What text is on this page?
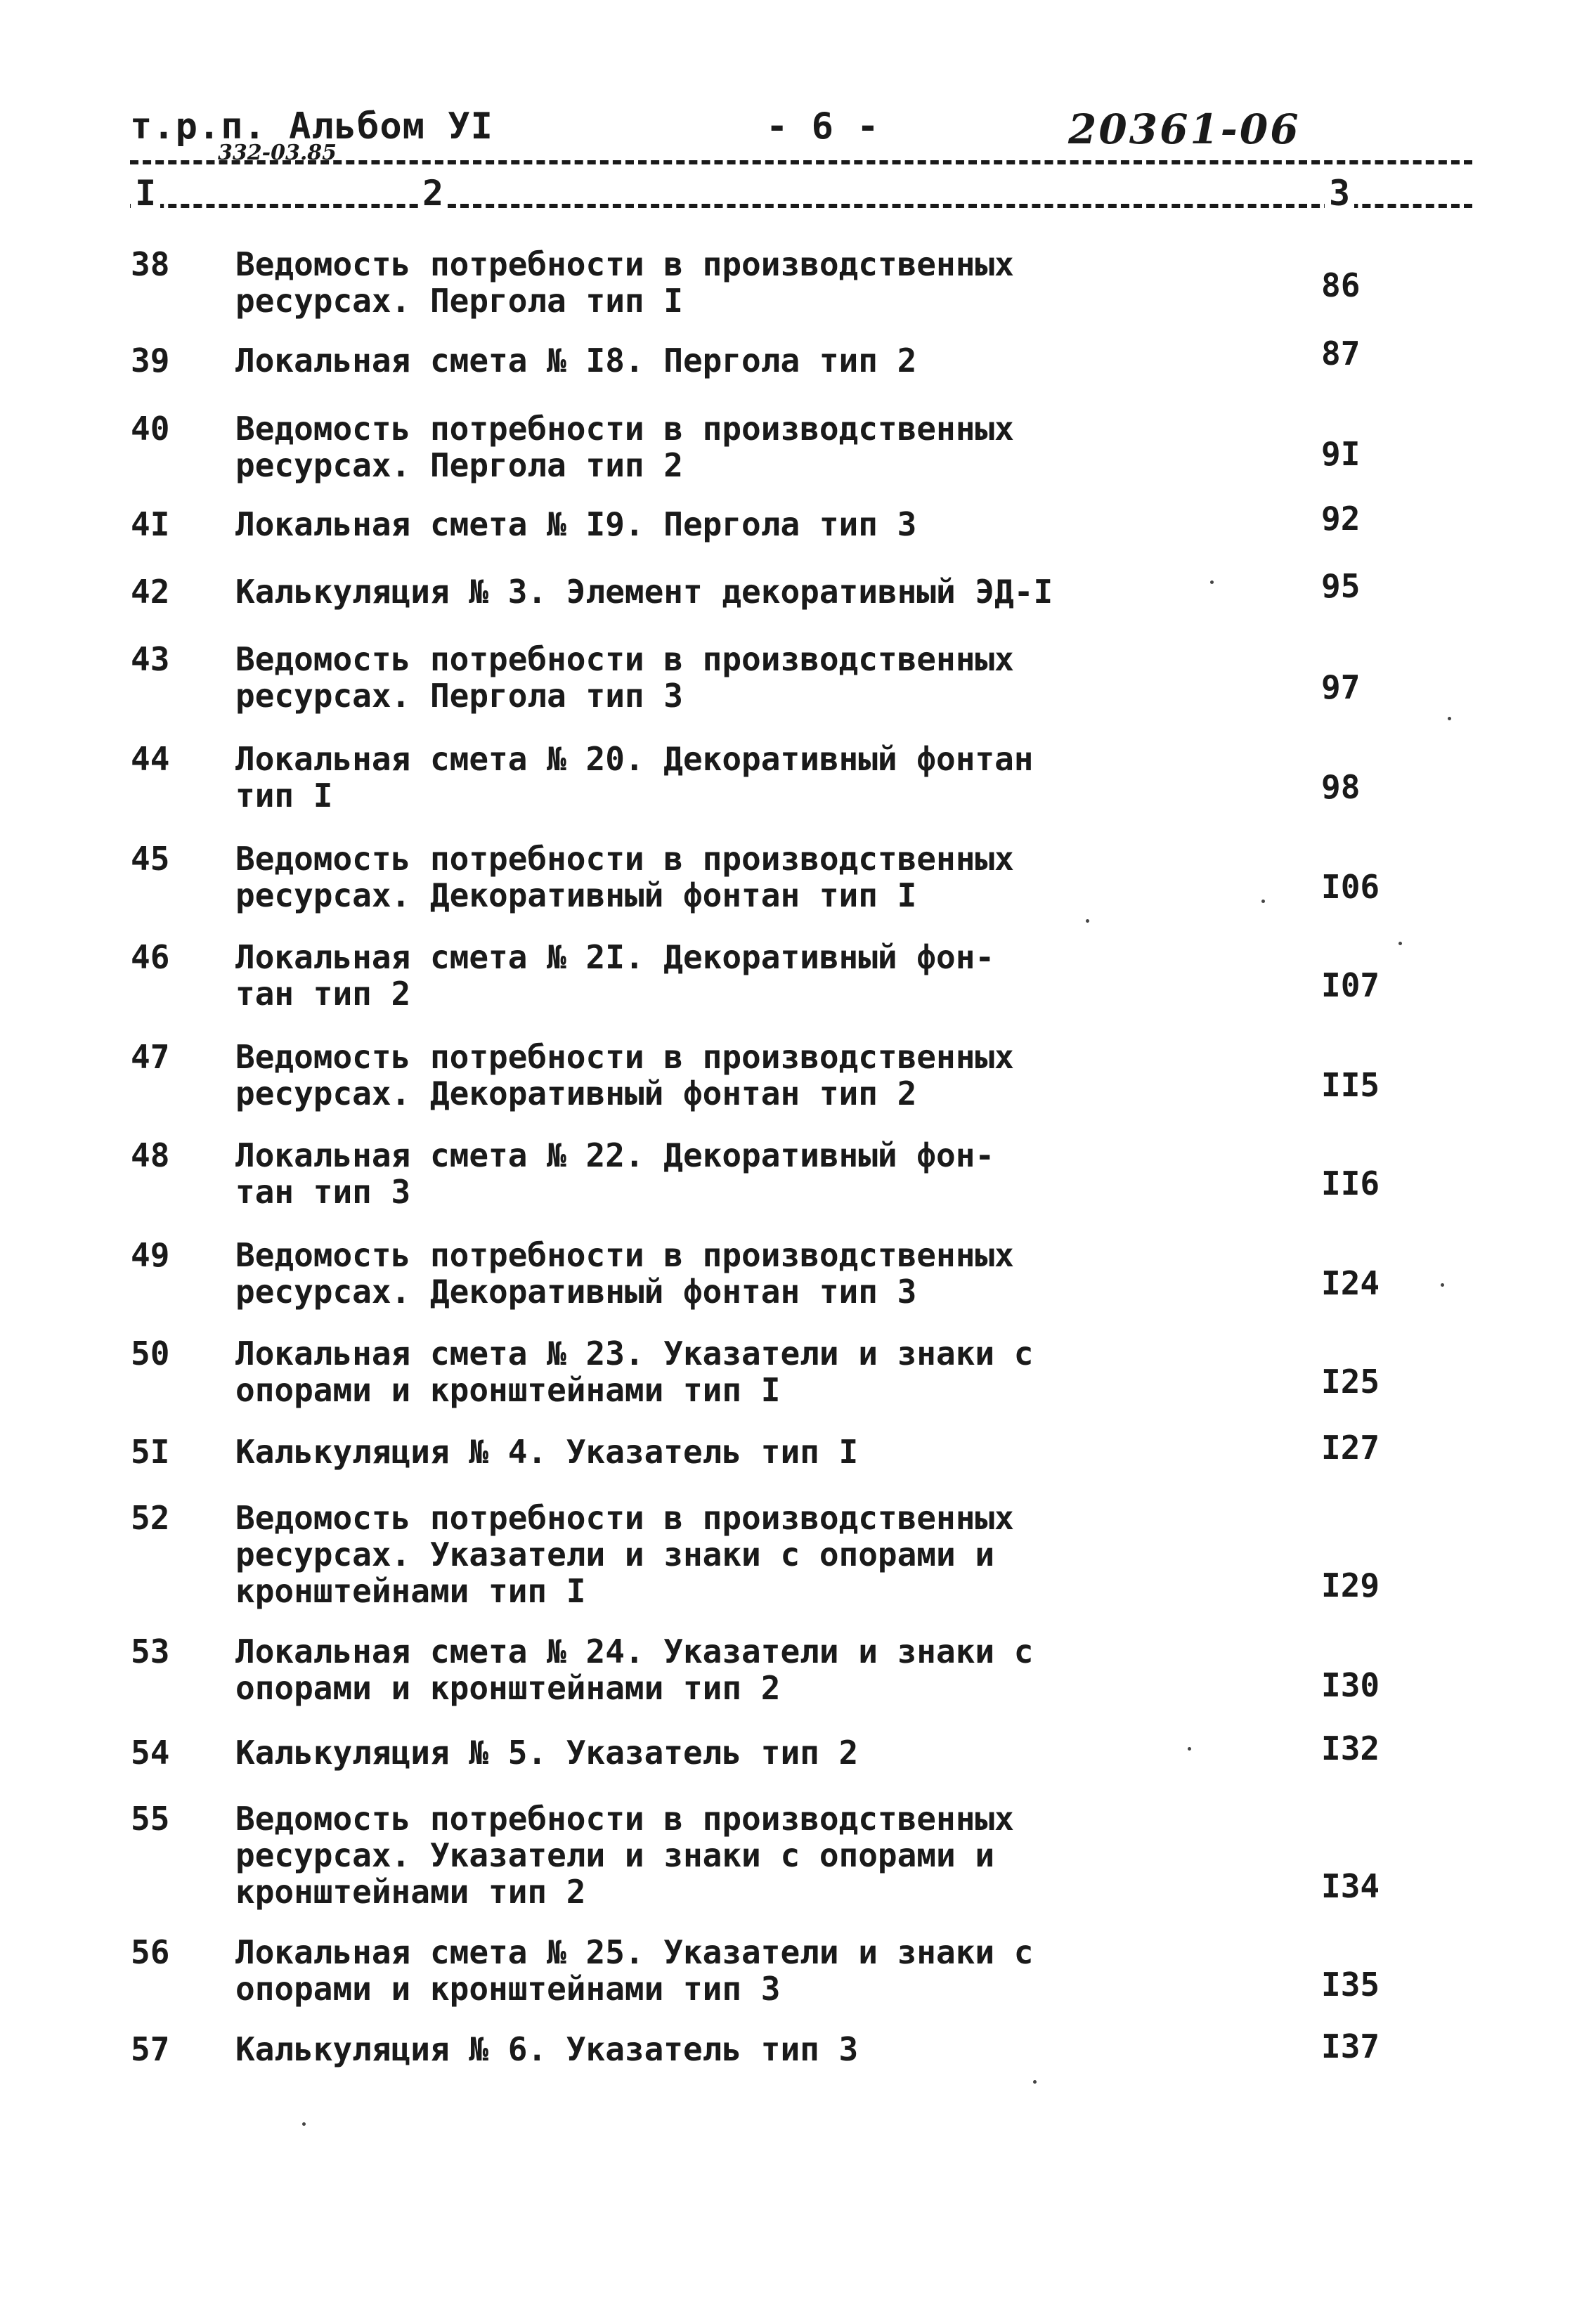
т.р.п. Альбом УI
332-03.85
- 6 -	20361-06
I	2	3
38 Ведомость потребности в производственных
ресурсах. Пергола тип I	86
39 Локальная смета № I8. Пергола тип 2	87
40 Ведомость потребности в производственных
ресурсах. Пергола тип 2	9I
4I Локальная смета № I9. Пергола тип 3	92
42 Калькуляция № 3. Элемент декоративный ЭД-I	95
43 Ведомость потребности в производственных
ресурсах. Пергола тип 3	97
44 Локальная смета № 20. Декоративный фонтан
тип I	98
45 Ведомость потребности в производственных
ресурсах. Декоративный фонтан тип I	I06
46 Локальная смета № 2I. Декоративный фон-
тан тип 2	I07
47 Ведомость потребности в производственных
ресурсах. Декоративный фонтан тип 2	II5
48 Локальная смета № 22. Декоративный фон-
тан тип 3	II6
49 Ведомость потребности в производственных
ресурсах. Декоративный фонтан тип 3	I24
50 Локальная смета № 23. Указатели и знаки с
опорами и кронштейнами тип I	I25
5I Калькуляция № 4. Указатель тип I	I27
52 Ведомость потребности в производственных
ресурсах. Указатели и знаки с опорами и
кронштейнами тип I	I29
53 Локальная смета № 24. Указатели и знаки с
опорами и кронштейнами тип 2	I30
54 Калькуляция № 5. Указатель тип 2	I32
55 Ведомость потребности в производственных
ресурсах. Указатели и знаки с опорами и
кронштейнами тип 2	I34
56 Локальная смета № 25. Указатели и знаки с
опорами и кронштейнами тип 3	I35
57 Калькуляция № 6. Указатель тип 3	I37
